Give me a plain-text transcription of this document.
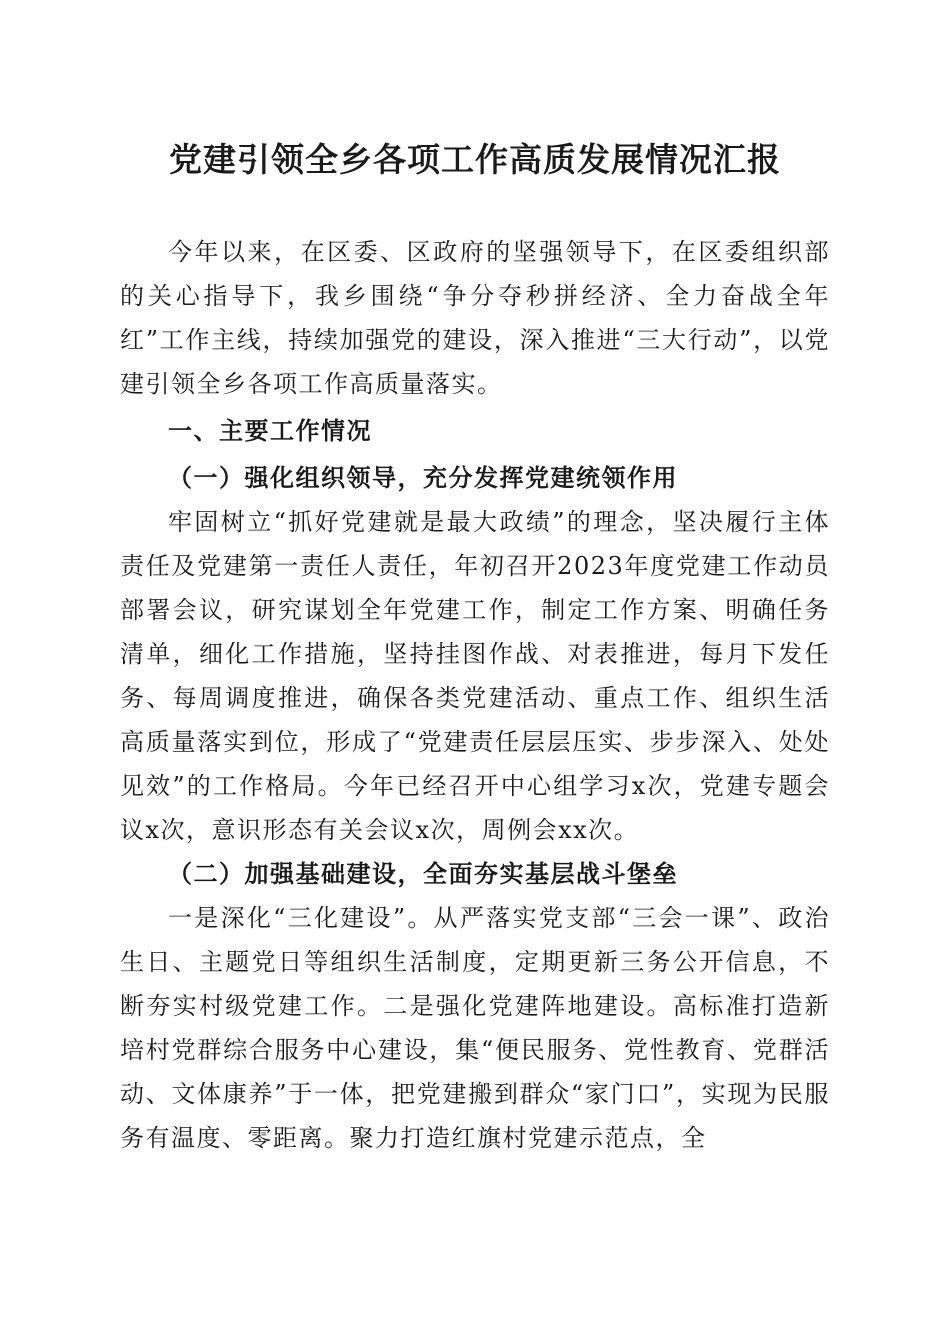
党建引领全乡各项工作高质发展情况汇报

今年以来，在区委、区政府的坚强领导下，在区委组织部的关心指导下，我乡围绕“争分夺秒拼经济、全力奋战全年红”工作主线，持续加强党的建设，深入推进“三大行动”，以党建引领全乡各项工作高质量落实。

一、主要工作情况

（一）强化组织领导，充分发挥党建统领作用

牢固树立“抓好党建就是最大政绩”的理念，坚决履行主体责任及党建第一责任人责任，年初召开2023年度党建工作动员部署会议，研究谋划全年党建工作，制定工作方案、明确任务清单，细化工作措施，坚持挂图作战、对表推进，每月下发任务、每周调度推进，确保各类党建活动、重点工作、组织生活高质量落实到位，形成了“党建责任层层压实、步步深入、处处见效”的工作格局。今年已经召开中心组学习x次，党建专题会议x次，意识形态有关会议x次，周例会xx次。

（二）加强基础建设，全面夯实基层战斗堡垒

一是深化“三化建设”。从严落实党支部“三会一课”、政治生日、主题党日等组织生活制度，定期更新三务公开信息，不断夯实村级党建工作。二是强化党建阵地建设。高标准打造新培村党群综合服务中心建设，集“便民服务、党性教育、党群活动、文体康养”于一体，把党建搬到群众“家门口”，实现为民服务有温度、零距离。聚力打造红旗村党建示范点，全
